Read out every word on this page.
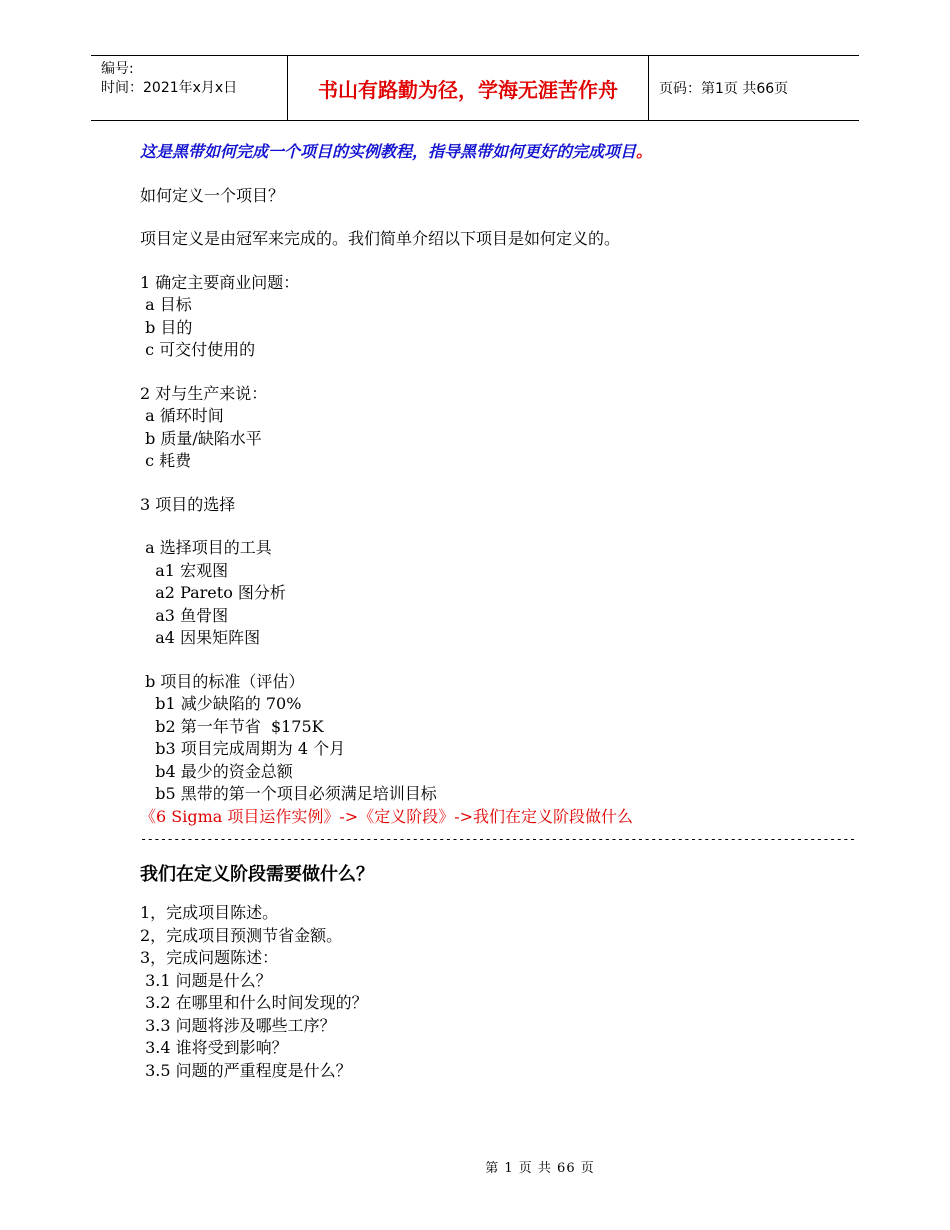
编号:
时间：2021年x月x日	书山有路勤为径，学海无涯苦作舟	页码：第1页 共66页
这是黑带如何完成一个项目的实例教程，指导黑带如何更好的完成项目。
如何定义一个项目？
项目定义是由冠军来完成的。我们简单介绍以下项目是如何定义的。
1 确定主要商业问题：
a 目标
b 目的
c 可交付使用的
2 对与生产来说：
a 循环时间
b 质量/缺陷水平
c 耗费
3 项目的选择
a 选择项目的工具
a1 宏观图
a2 Pareto 图分析
a3 鱼骨图
a4 因果矩阵图
b 项目的标准（评估）
b1 减少缺陷的 70%
b2 第一年节省  $175K
b3 项目完成周期为 4 个月
b4 最少的资金总额
b5 黑带的第一个项目必须满足培训目标
《6 Sigma 项目运作实例》->《定义阶段》->我们在定义阶段做什么
------------------------------------------------------------------------------------------------------------
我们在定义阶段需要做什么？
1，完成项目陈述。
2，完成项目预测节省金额。
3，完成问题陈述：
3.1 问题是什么？
3.2 在哪里和什么时间发现的？
3.3 问题将涉及哪些工序？
3.4 谁将受到影响？
3.5 问题的严重程度是什么？
第 1 页 共 66 页
